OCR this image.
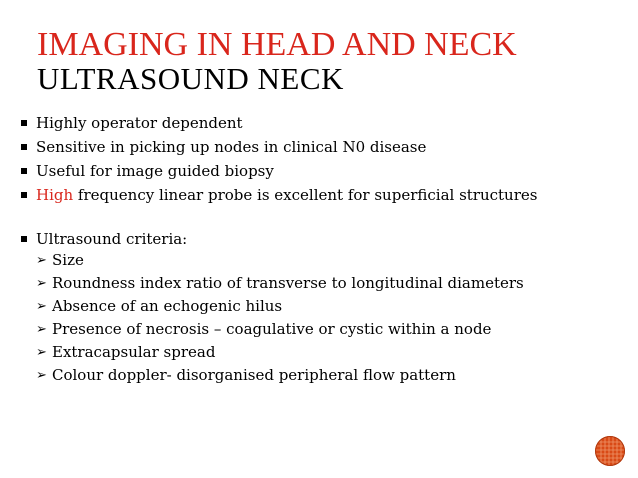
IMAGING IN HEAD AND NECK
ULTRASOUND NECK
Highly operator dependent
Sensitive in picking up nodes in clinical N0 disease
Useful for image guided biopsy
High frequency linear probe is excellent for superficial structures
Ultrasound criteria:
➢ Size
➢ Roundness index ratio of transverse to longitudinal diameters
➢ Absence of an echogenic hilus
➢ Presence of necrosis – coagulative or cystic within a node
➢ Extracapsular spread
➢ Colour doppler- disorganised peripheral flow pattern
